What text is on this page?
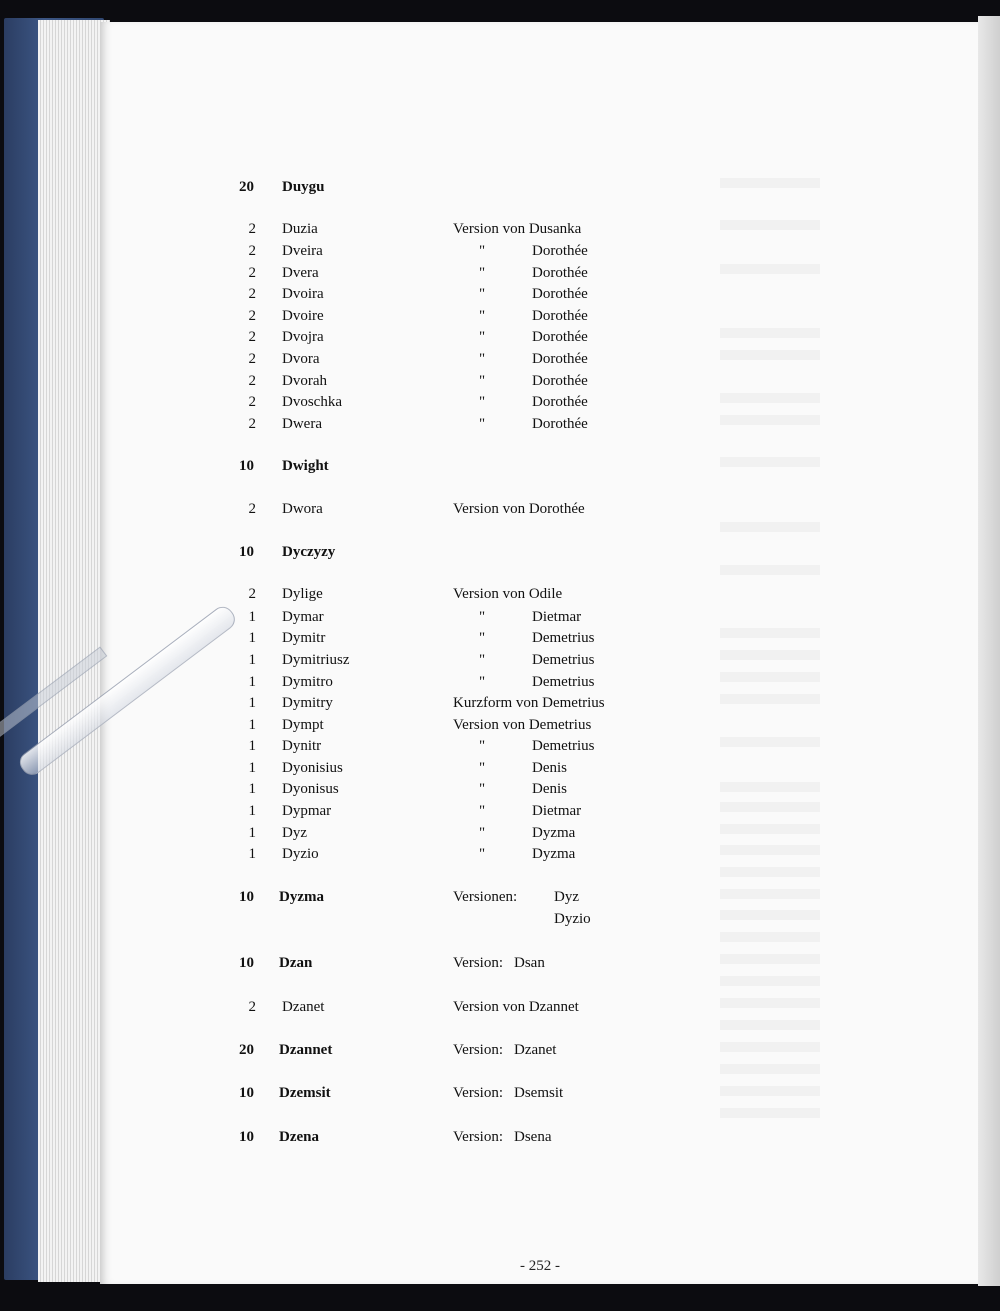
20 Duygu
2 Duzia	Version von Dusanka
2 Dveira	"	Dorothée
2 Dvera	"	Dorothée
2 Dvoira	"	Dorothée
2 Dvoire	"	Dorothée
2 Dvojra	"	Dorothée
2 Dvora	"	Dorothée
2 Dvorah	"	Dorothée
2 Dvoschka	"	Dorothée
2 Dwera	"	Dorothée
10 Dwight
2 Dwora	Version von Dorothée
10 Dyczyzy
2 Dylige	Version von Odile
1 Dymar	"	Dietmar
1 Dymitr	"	Demetrius
1 Dymitriusz	"	Demetrius
1 Dymitro	"	Demetrius
1 Dymitry	Kurzform von Demetrius
1 Dympt	Version von Demetrius
1 Dynitr	"	Demetrius
1 Dyonisius	"	Denis
1 Dyonisus	"	Denis
1 Dypmar	"	Dietmar
1 Dyz	"	Dyzma
1 Dyzio	"	Dyzma
10 Dyzma	Versionen: Dyz
Dyzio
10 Dzan	Version: Dsan
2 Dzanet	Version von Dzannet
20 Dzannet	Version: Dzanet
10 Dzemsit	Version: Dsemsit
10 Dzena	Version: Dsena
- 252 -
